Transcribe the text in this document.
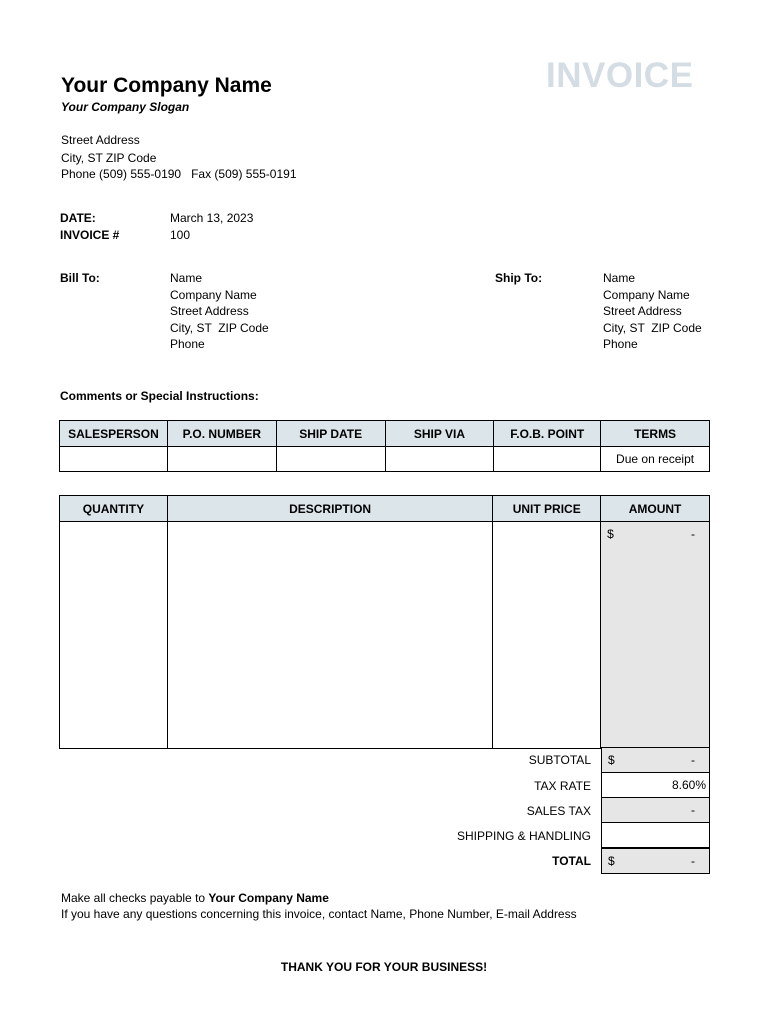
Your Company Name
Your Company Slogan
INVOICE
Street Address
City, ST ZIP Code
Phone (509) 555-0190   Fax (509) 555-0191
DATE:	March 13, 2023
INVOICE #	100
Bill To:	Name
Company Name
Street Address
City, ST  ZIP Code
Phone
Ship To:	Name
Company Name
Street Address
City, ST  ZIP Code
Phone
Comments or Special Instructions:
SALESPERSON	P.O. NUMBER	SHIP DATE	SHIP VIA	F.O.B. POINT	TERMS
					Due on receipt
QUANTITY	DESCRIPTION	UNIT PRICE	AMOUNT
			$ -
SUBTOTAL $	-
TAX RATE	8.60%
SALES TAX	-
SHIPPING & HANDLING
TOTAL $	-
Make all checks payable to Your Company Name
If you have any questions concerning this invoice, contact Name, Phone Number, E-mail Address
THANK YOU FOR YOUR BUSINESS!
